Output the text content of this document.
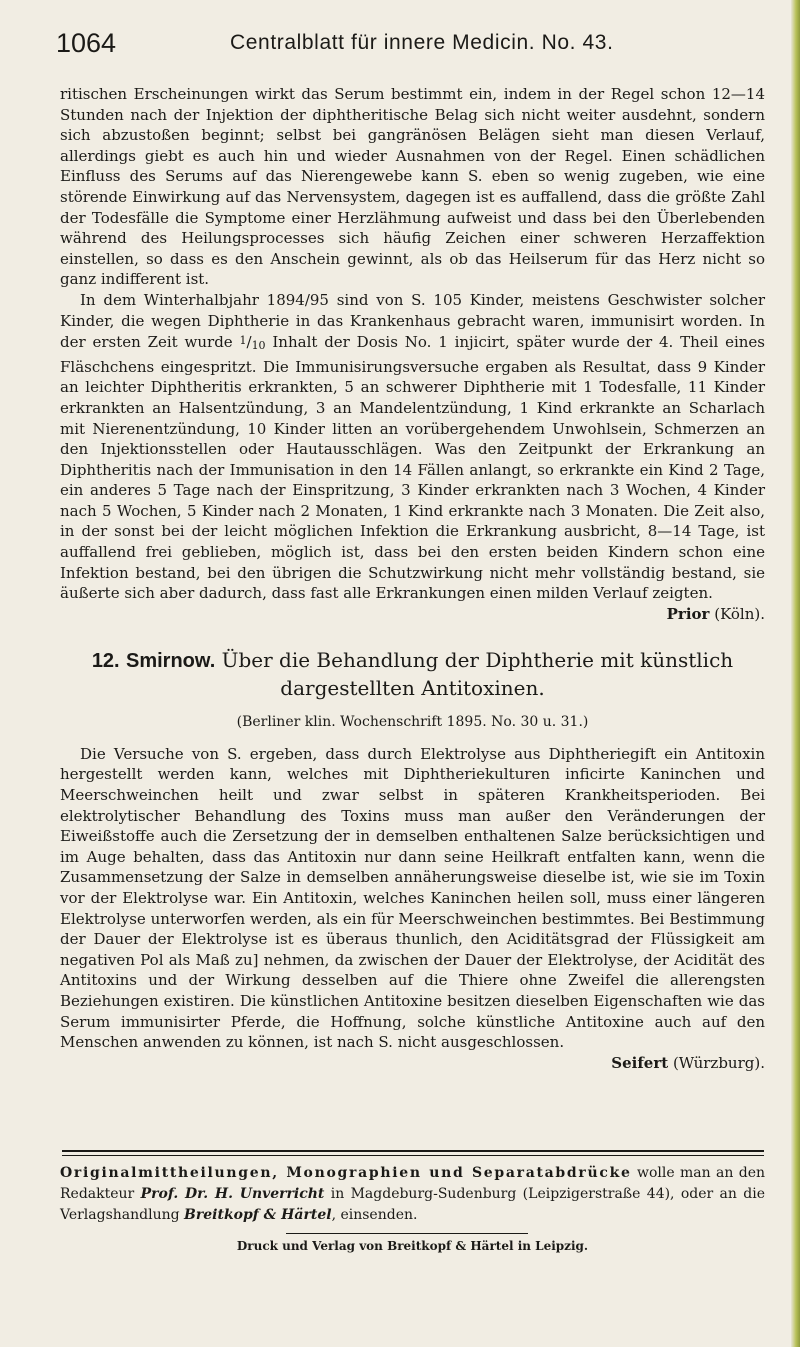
1064	Centralblatt für innere Medicin. No. 43.

ritischen Erscheinungen wirkt das Serum bestimmt ein, indem in der Regel schon 12—14 Stunden nach der Injektion der diphtheritische Belag sich nicht weiter ausdehnt, sondern sich abzustoßen beginnt; selbst bei gangränösen Belägen sieht man diesen Verlauf, allerdings giebt es auch hin und wieder Ausnahmen von der Regel. Einen schädlichen Einfluss des Serums auf das Nierengewebe kann S. eben so wenig zugeben, wie eine störende Einwirkung auf das Nervensystem, dagegen ist es auffallend, dass die größte Zahl der Todesfälle die Symptome einer Herzlähmung aufweist und dass bei den Überlebenden während des Heilungsprocesses sich häufig Zeichen einer schweren Herzaffektion einstellen, so dass es den Anschein gewinnt, als ob das Heilserum für das Herz nicht so ganz indifferent ist.

In dem Winterhalbjahr 1894/95 sind von S. 105 Kinder, meistens Geschwister solcher Kinder, die wegen Diphtherie in das Krankenhaus gebracht waren, immunisirt worden. In der ersten Zeit wurde $^1$/10 Inhalt der Dosis No. 1 injicirt, später wurde der 4. Theil eines Fläschchens eingespritzt. Die Immunisirungsversuche ergaben als Resultat, dass 9 Kinder an leichter Diphtheritis erkrankten, 5 an schwerer Diphtherie mit 1 Todesfalle, 11 Kinder erkrankten an Halsentzündung, 3 an Mandelentzündung, 1 Kind erkrankte an Scharlach mit Nierenentzündung, 10 Kinder litten an vorübergehendem Unwohlsein, Schmerzen an den Injektionsstellen oder Hautausschlägen. Was den Zeitpunkt der Erkrankung an Diphtheritis nach der Immunisation in den 14 Fällen anlangt, so erkrankte ein Kind 2 Tage, ein anderes 5 Tage nach der Einspritzung, 3 Kinder erkrankten nach 3 Wochen, 4 Kinder nach 5 Wochen, 5 Kinder nach 2 Monaten, 1 Kind erkrankte nach 3 Monaten. Die Zeit also, in der sonst bei der leicht möglichen Infektion die Erkrankung ausbricht, 8—14 Tage, ist auffallend frei geblieben, möglich ist, dass bei den ersten beiden Kindern schon eine Infektion bestand, bei den übrigen die Schutzwirkung nicht mehr vollständig bestand, sie äußerte sich aber dadurch, dass fast alle Erkrankungen einen milden Verlauf zeigten.

Prior (Köln).

12. Smirnow. Über die Behandlung der Diphtherie mit künstlich dargestellten Antitoxinen.
(Berliner klin. Wochenschrift 1895. No. 30 u. 31.)

Die Versuche von S. ergeben, dass durch Elektrolyse aus Diphtheriegift ein Antitoxin hergestellt werden kann, welches mit Diphtheriekulturen inficirte Kaninchen und Meerschweinchen heilt und zwar selbst in späteren Krankheitsperioden. Bei elektrolytischer Behandlung des Toxins muss man außer den Veränderungen der Eiweißstoffe auch die Zersetzung der in demselben enthaltenen Salze berücksichtigen und im Auge behalten, dass das Antitoxin nur dann seine Heilkraft entfalten kann, wenn die Zusammensetzung der Salze in demselben annäherungsweise dieselbe ist, wie sie im Toxin vor der Elektrolyse war. Ein Antitoxin, welches Kaninchen heilen soll, muss einer längeren Elektrolyse unterworfen werden, als ein für Meerschweinchen bestimmtes. Bei Bestimmung der Dauer der Elektrolyse ist es überaus thunlich, den Aciditätsgrad der Flüssigkeit am negativen Pol als Maß zu] nehmen, da zwischen der Dauer der Elektrolyse, der Acidität des Antitoxins und der Wirkung desselben auf die Thiere ohne Zweifel die allerengsten Beziehungen existiren. Die künstlichen Antitoxine besitzen dieselben Eigenschaften wie das Serum immunisirter Pferde, die Hoffnung, solche künstliche Antitoxine auch auf den Menschen anwenden zu können, ist nach S. nicht ausgeschlossen.

Seifert (Würzburg).

Originalmittheilungen, Monographien und Separatabdrücke wolle man an den Redakteur Prof. Dr. H. Unverricht in Magdeburg-Sudenburg (Leipzigerstraße 44), oder an die Verlagshandlung Breitkopf & Härtel, einsenden.
Druck und Verlag von Breitkopf & Härtel in Leipzig.
